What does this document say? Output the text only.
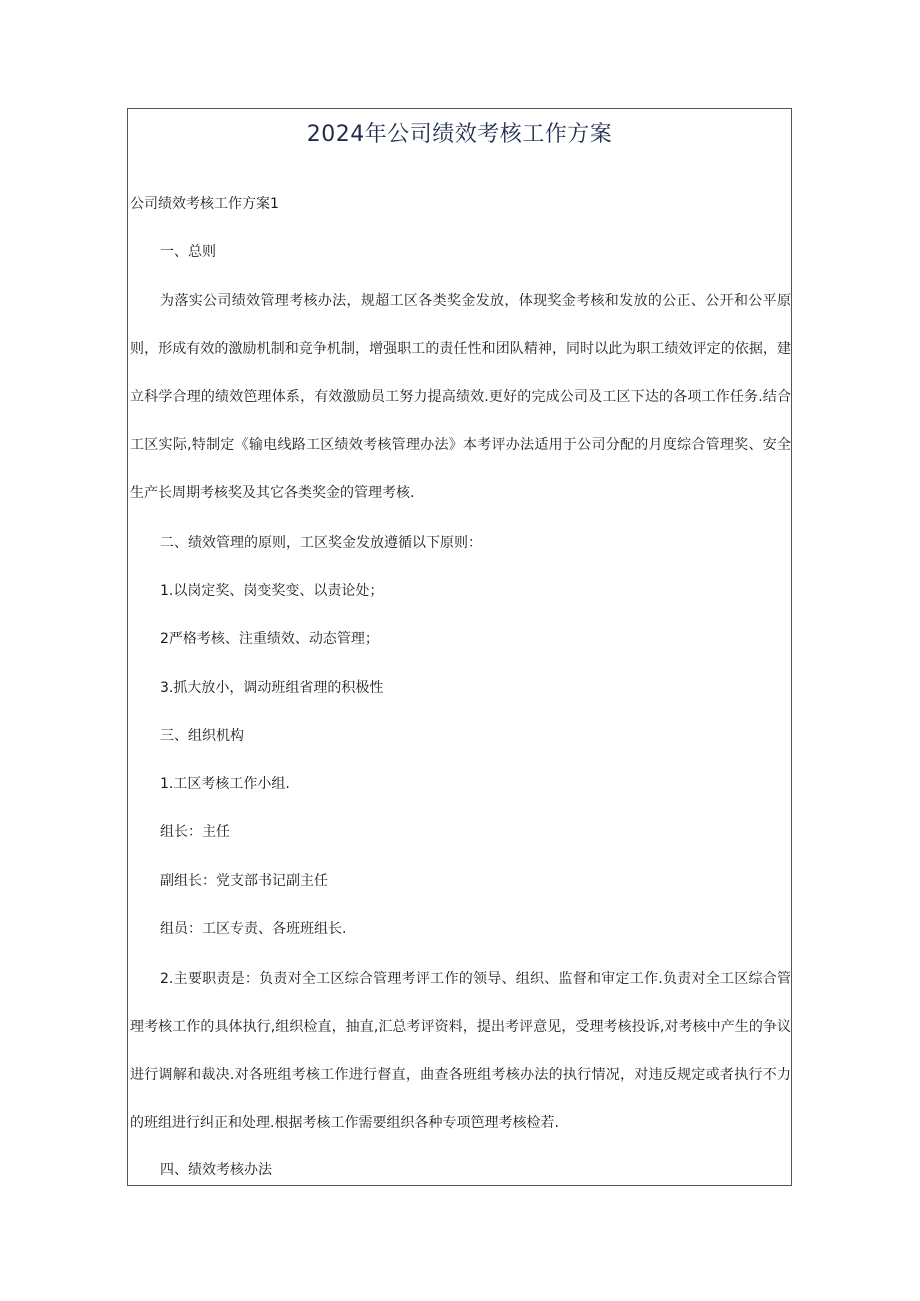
2024年公司绩效考核工作方案
公司绩效考核工作方案1
一、总则

为落实公司绩效管理考核办法，规超工区各类奖金发放，体现奖金考核和发放的公正、公开和公平原则，形成有效的激励机制和竞争机制，增强职工的责任性和团队精神，同时以此为职工绩效评定的依据，建立科学合理的绩效笆理体系，有效激励员工努力提高绩效.更好的完成公司及工区下达的各项工作任务.结合工区实际,特制定《输电线路工区绩效考核管理办法》本考评办法适用于公司分配的月度综合管理奖、安全生产长周期考核奖及其它各类奖金的管理考核.

二、绩效管理的原则，工区奖金发放遵循以下原则：
1.以岗定奖、岗变奖变、以责论处；
2严格考核、注重绩效、动态管理；
3.抓大放小，调动班组省理的积极性
三、组织机构
1.工区考核工作小组.
组长：主任
副组长：党支部书记副主任
组员：工区专责、各班班组长.

2.主要职责是：负责对全工区综合管理考评工作的领导、组织、监督和审定工作.负责对全工区综合管理考核工作的具体执行,组织检直，抽直,汇总考评资料，提出考评意见，受理考核投诉,对考核中产生的争议进行调解和裁决.对各班组考核工作进行督直，曲查各班组考核办法的执行情况，对违反规定或者执行不力的班组进行纠正和处理.根据考核工作需要组织各种专项笆理考核检若.

四、绩效考核办法
